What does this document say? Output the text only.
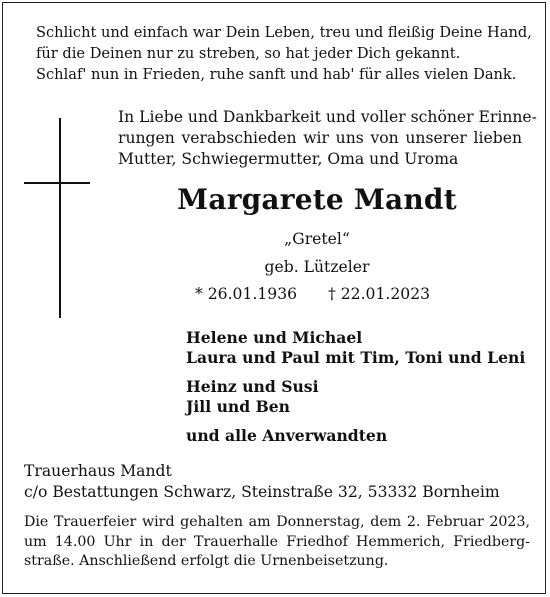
Schlicht und einfach war Dein Leben, treu und fleißig Deine Hand,
für die Deinen nur zu streben, so hat jeder Dich gekannt.
Schlaf' nun in Frieden, ruhe sanft und hab' für alles vielen Dank.
In Liebe und Dankbarkeit und voller schöner Erinne-
rungen verabschieden wir uns von unserer lieben
Mutter, Schwiegermutter, Oma und Uroma
Margarete Mandt
„Gretel“
geb. Lützeler
* 26.01.1936 † 22.01.2023
Helene und Michael
Laura und Paul mit Tim, Toni und Leni
Heinz und Susi
Jill und Ben
und alle Anverwandten
Trauerhaus Mandt
c/o Bestattungen Schwarz, Steinstraße 32, 53332 Bornheim
Die Trauerfeier wird gehalten am Donnerstag, dem 2. Februar 2023,
um 14.00 Uhr in der Trauerhalle Friedhof Hemmerich, Friedberg-
straße. Anschließend erfolgt die Urnenbeisetzung.
